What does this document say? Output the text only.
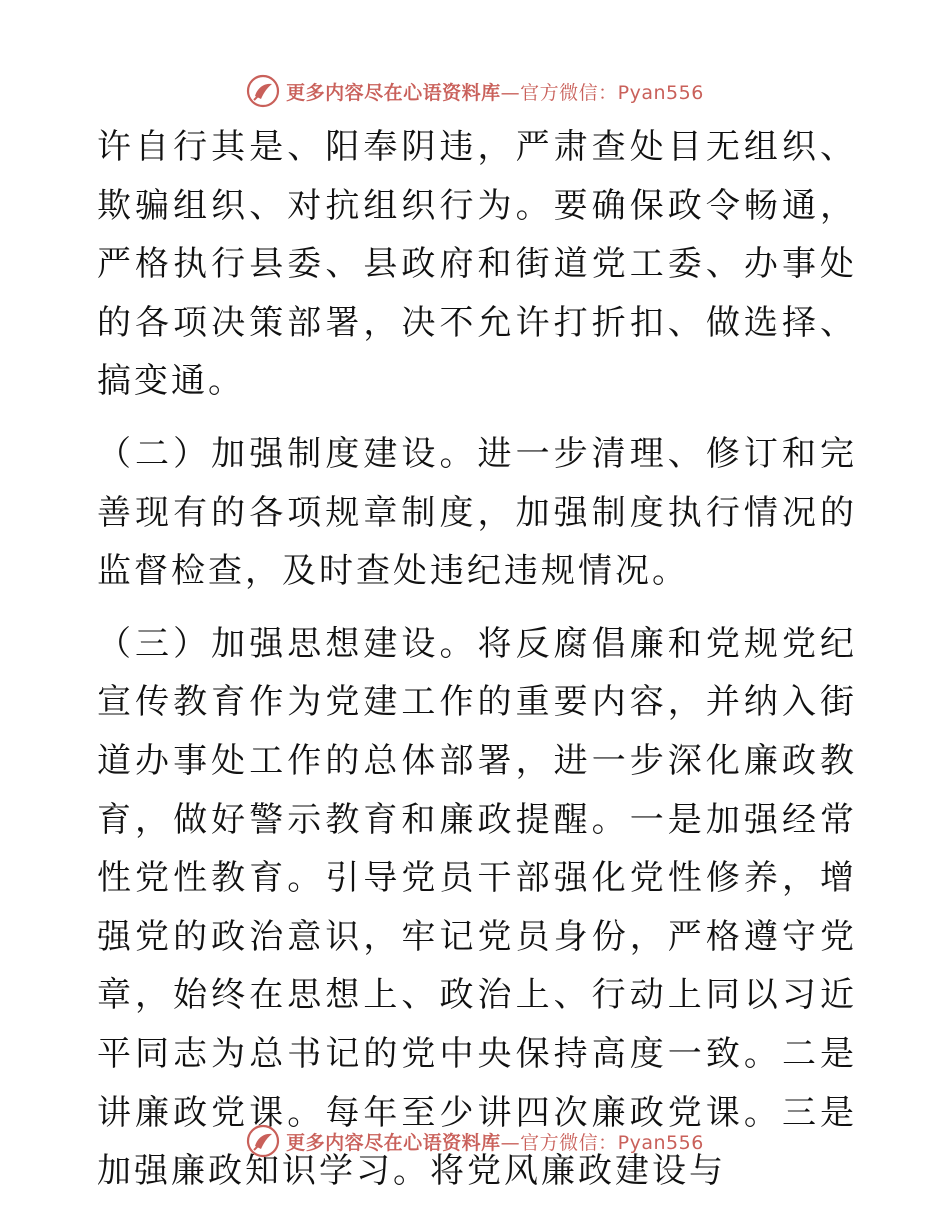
更多内容尽在心语资料库—官方微信：Pyan556

许自行其是、阳奉阴违，严肃查处目无组织、欺骗组织、对抗组织行为。要确保政令畅通，严格执行县委、县政府和街道党工委、办事处的各项决策部署，决不允许打折扣、做选择、搞变通。

（二）加强制度建设。进一步清理、修订和完善现有的各项规章制度，加强制度执行情况的监督检查，及时查处违纪违规情况。

（三）加强思想建设。将反腐倡廉和党规党纪宣传教育作为党建工作的重要内容，并纳入街道办事处工作的总体部署，进一步深化廉政教育，做好警示教育和廉政提醒。一是加强经常性党性教育。引导党员干部强化党性修养，增强党的政治意识，牢记党员身份，严格遵守党章，始终在思想上、政治上、行动上同以习近平同志为总书记的党中央保持高度一致。二是讲廉政党课。每年至少讲四次廉政党课。三是加强廉政知识学习。将党风廉政建设与

更多内容尽在心语资料库—官方微信：Pyan556
